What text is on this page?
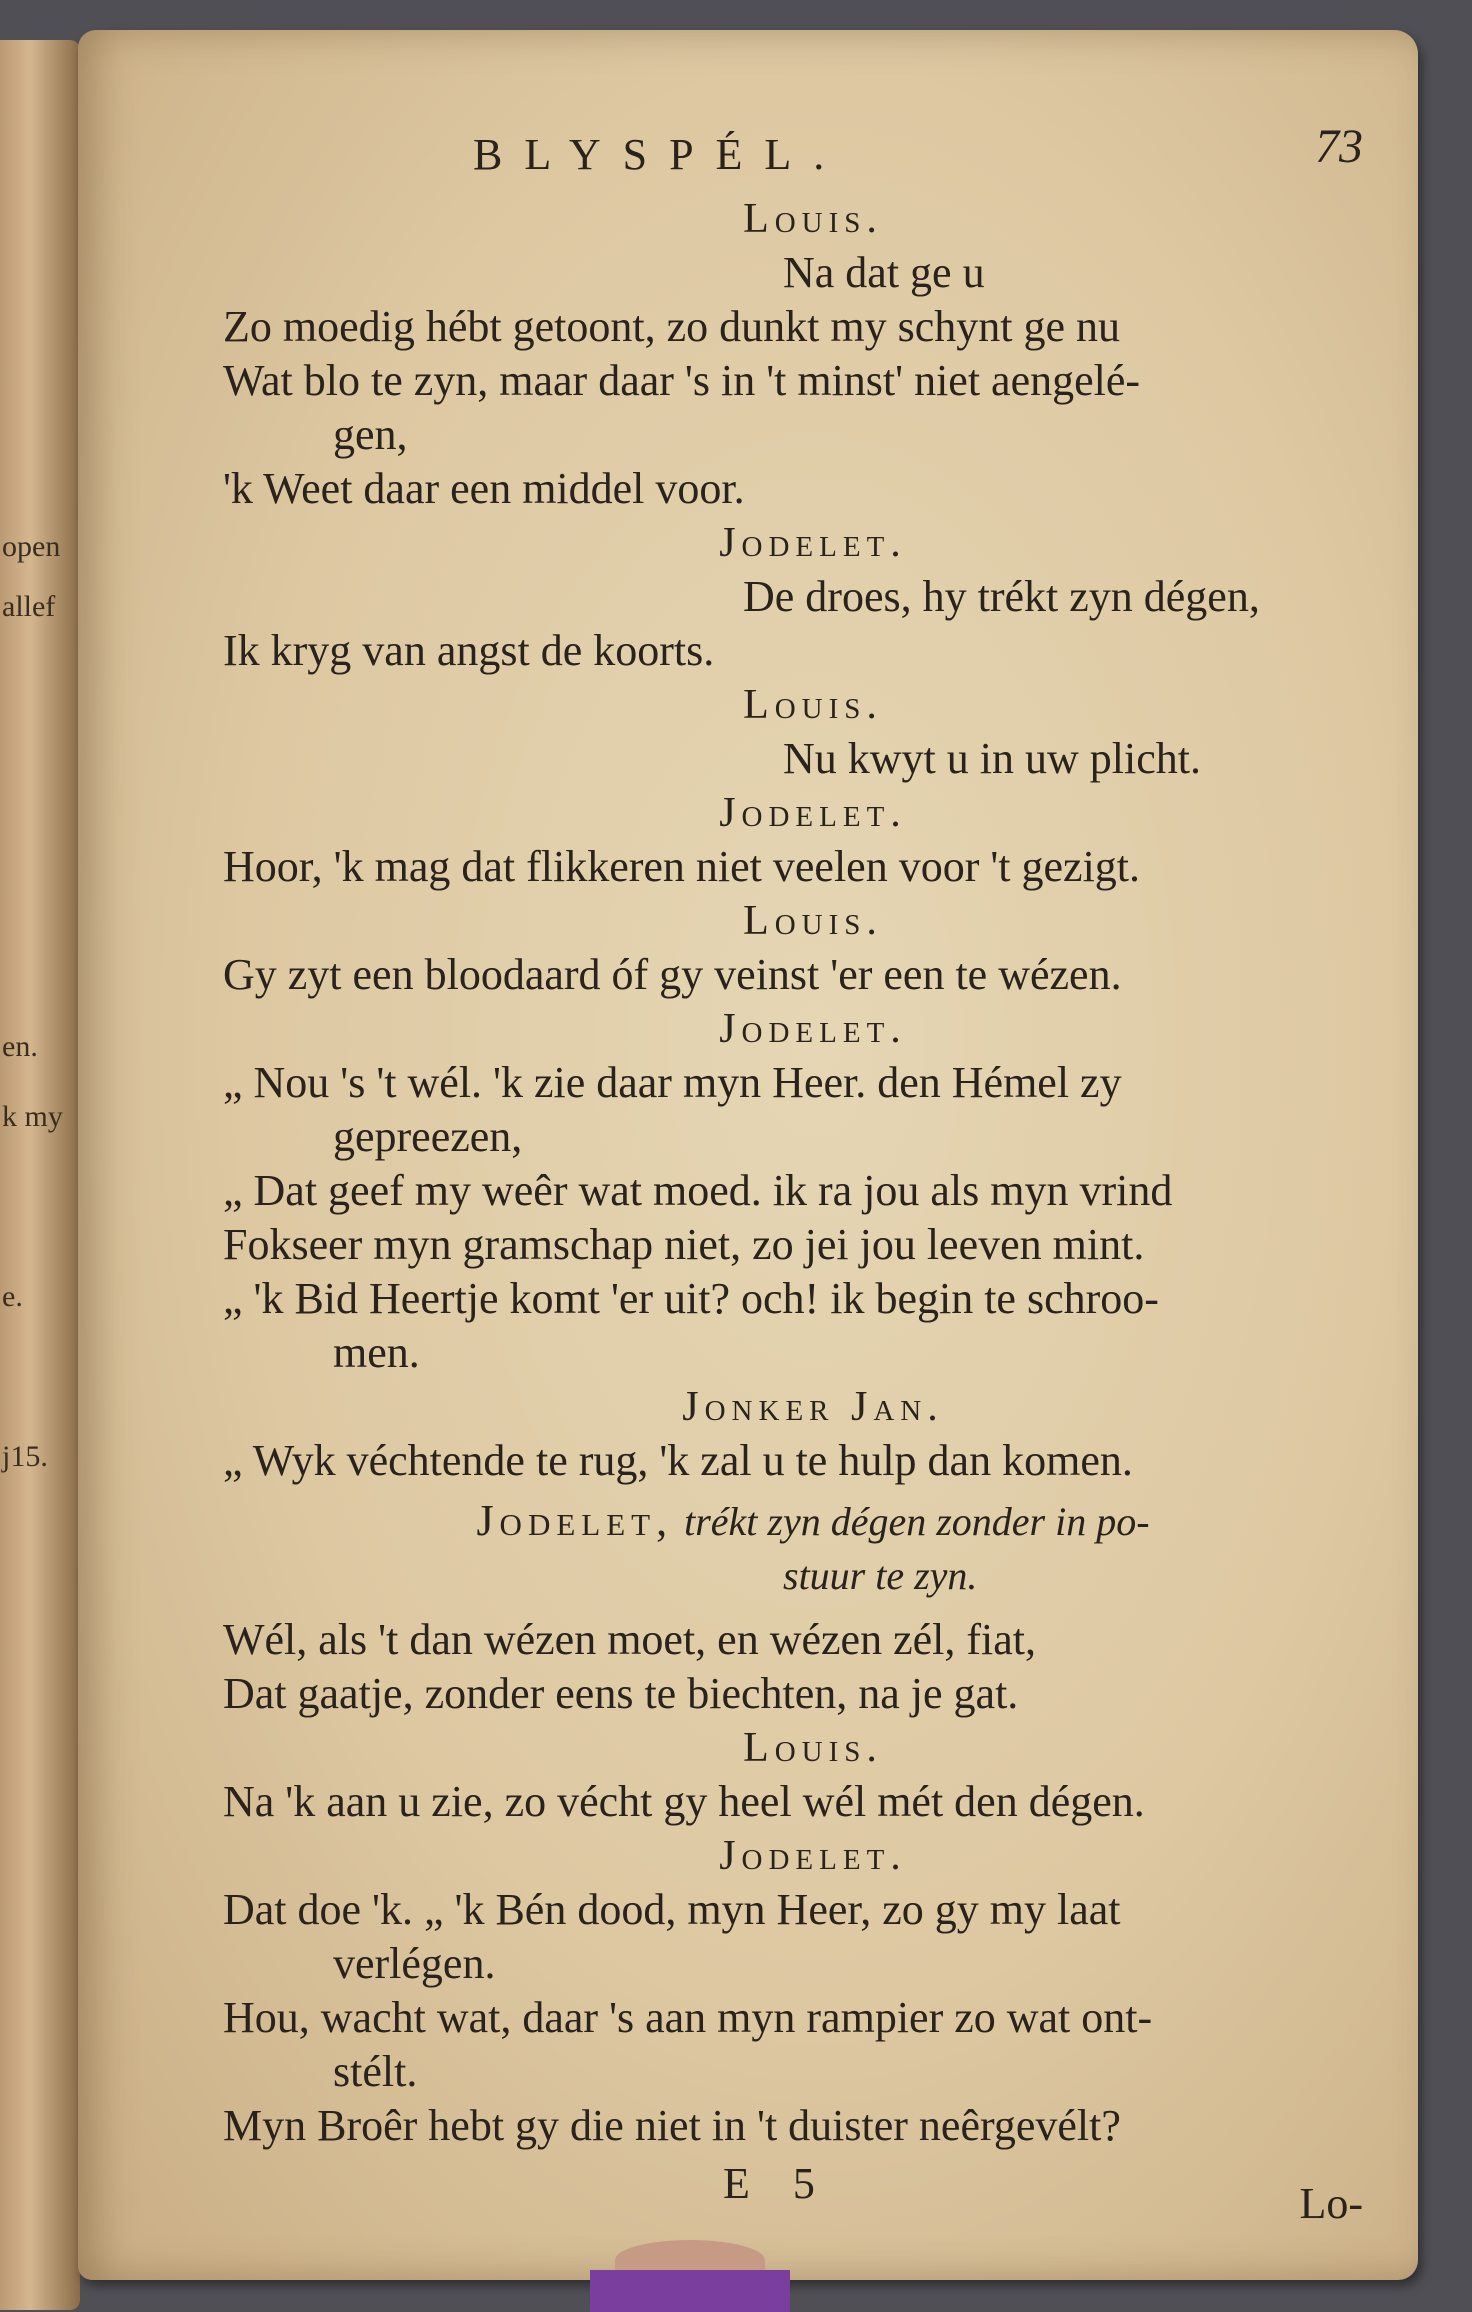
open
allef
en.
k my
e.
j15.
BLYSPÉL.	73

Louis.

Na dat ge u

Zo moedig hébt getoont, zo dunkt my schynt ge nu

Wat blo te zyn, maar daar 's in 't minst' niet aengelé-

gen,

'k Weet daar een middel voor.

Jodelet.

De droes, hy trékt zyn dégen,

Ik kryg van angst de koorts.

Louis.

Nu kwyt u in uw plicht.

Jodelet.

Hoor, 'k mag dat flikkeren niet veelen voor 't gezigt.

Louis.

Gy zyt een bloodaard óf gy veinst 'er een te wézen.

Jodelet.

„ Nou 's 't wél. 'k zie daar myn Heer. den Hémel zy

gepreezen,

„ Dat geef my weêr wat moed. ik ra jou als myn vrind

Fokseer myn gramschap niet, zo jei jou leeven mint.

„ 'k Bid Heertje komt 'er uit? och! ik begin te schroo-

men.

Jonker Jan.

„ Wyk véchtende te rug, 'k zal u te hulp dan komen.

Jodelet, trékt zyn dégen zonder in po-

stuur te zyn.

Wél, als 't dan wézen moet, en wézen zél, fiat,

Dat gaatje, zonder eens te biechten, na je gat.

Louis.

Na 'k aan u zie, zo vécht gy heel wél mét den dégen.

Jodelet.

Dat doe 'k. „ 'k Bén dood, myn Heer, zo gy my laat

verlégen.

Hou, wacht wat, daar 's aan myn rampier zo wat ont-

stélt.

Myn Broêr hebt gy die niet in 't duister neêrgevélt?

E 5	Lo-
